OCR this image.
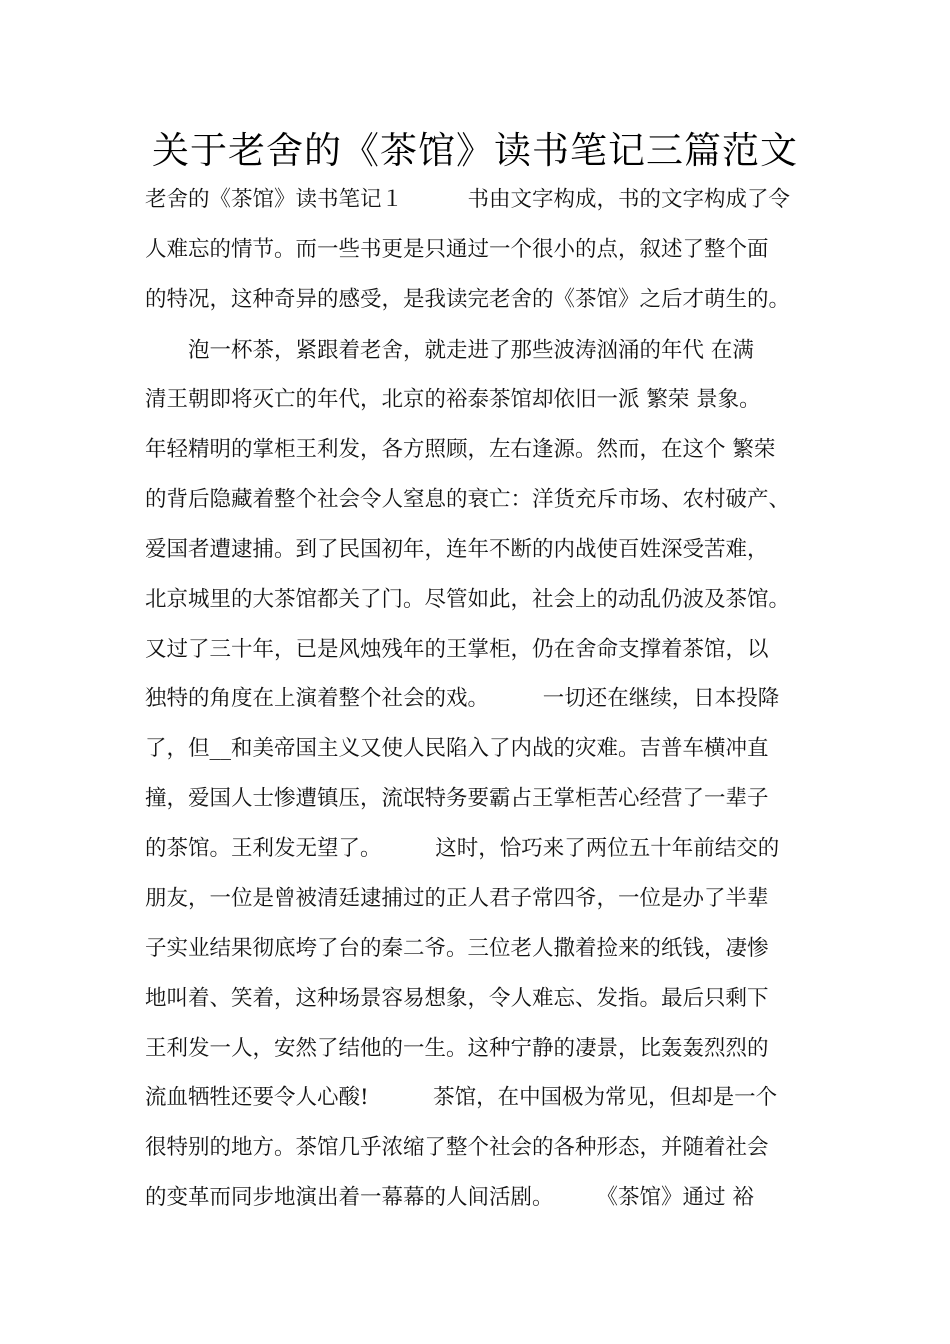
关于老舍的《茶馆》读书笔记三篇范文
老舍的《茶馆》读书笔记１　　　书由文字构成，书的文字构成了令
人难忘的情节。而一些书更是只通过一个很小的点，叙述了整个面
的特况，这种奇异的感受，是我读完老舍的《茶馆》之后才萌生的。
　　泡一杯茶，紧跟着老舍，就走进了那些波涛汹涌的年代 在满
清王朝即将灭亡的年代，北京的裕泰茶馆却依旧一派 繁荣 景象。
年轻精明的掌柜王利发，各方照顾，左右逢源。然而，在这个 繁荣
的背后隐藏着整个社会令人窒息的衰亡：洋货充斥市场、农村破产、
爱国者遭逮捕。到了民国初年，连年不断的内战使百姓深受苦难，
北京城里的大茶馆都关了门。尽管如此，社会上的动乱仍波及茶馆。
又过了三十年，已是风烛残年的王掌柜，仍在舍命支撑着茶馆，以
独特的角度在上演着整个社会的戏。　　　一切还在继续，日本投降
了，但__和美帝国主义又使人民陷入了内战的灾难。吉普车横冲直
撞，爱国人士惨遭镇压，流氓特务要霸占王掌柜苦心经营了一辈子
的茶馆。王利发无望了。　　　这时，恰巧来了两位五十年前结交的
朋友，一位是曾被清廷逮捕过的正人君子常四爷，一位是办了半辈
子实业结果彻底垮了台的秦二爷。三位老人撒着捡来的纸钱，凄惨
地叫着、笑着，这种场景容易想象，令人难忘、发指。最后只剩下
王利发一人，安然了结他的一生。这种宁静的凄景，比轰轰烈烈的
流血牺牲还要令人心酸!　　　茶馆，在中国极为常见，但却是一个
很特别的地方。茶馆几乎浓缩了整个社会的各种形态，并随着社会
的变革而同步地演出着一幕幕的人间活剧。　　　《茶馆》通过 裕
